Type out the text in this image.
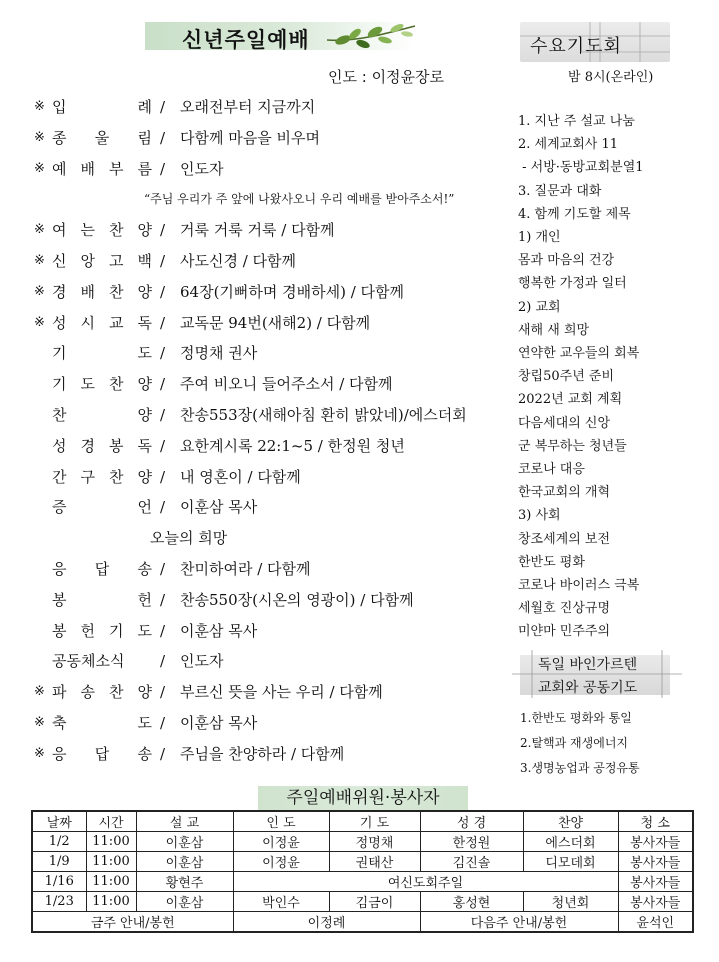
신년주일예배
인도 : 이정윤장로
수요기도회
밤 8시(온라인)
※ 입	례 / 오래전부터 지금까지
※ 종 울 림 / 다함께 마음을 비우며
※ 예 배 부 름 / 인도자
“주님 우리가 주 앞에 나왔사오니 우리 예배를 받아주소서!”
※ 여 는 찬 양 / 거룩 거룩 거룩 / 다함께
※ 신 앙 고 백 / 사도신경 / 다함께
※ 경 배 찬 양 / 64장(기뻐하며 경배하세) / 다함께
※ 성 시 교 독 / 교독문 94번(새해2) / 다함께
기	도 / 정명채 권사
기 도 찬 양 / 주여 비오니 들어주소서 / 다함께
찬	양 / 찬송553장(새해아침 환히 밝았네)/에스더회
성 경 봉 독 / 요한계시록 22:1~5 / 한정원 청년
간 구 찬 양 / 내 영혼이 / 다함께
증	언 / 이훈삼 목사
오늘의 희망
응 답 송 / 찬미하여라 / 다함께
봉	헌 / 찬송550장(시온의 영광이) / 다함께
봉 헌 기 도 / 이훈삼 목사
공동체소식	/ 인도자
※ 파 송 찬 양 / 부르신 뜻을 사는 우리 / 다함께
※ 축	도 / 이훈삼 목사
※ 응 답 송 / 주님을 찬양하라 / 다함께
1. 지난 주 설교 나눔
2. 세계교회사 11
- 서방·동방교회분열1
3. 질문과 대화
4. 함께 기도할 제목
1) 개인
몸과 마음의 건강
행복한 가정과 일터
2) 교회
새해 새 희망
연약한 교우들의 회복
창립50주년 준비
2022년 교회 계획
다음세대의 신앙
군 복무하는 청년들
코로나 대응
한국교회의 개혁
3) 사회
창조세계의 보전
한반도 평화
코로나 바이러스 극복
세월호 진상규명
미얀마 민주주의
독일 바인가르텐
교회와 공동기도
1.한반도 평화와 통일
2.탈핵과 재생에너지
3.생명농업과 공정유통
주일예배위원·봉사자
날짜	시간	설 교	인 도	기 도	성 경	찬양	청 소
1/2	11:00	이훈삼	이정윤	정명채	한정원	에스더회	봉사자들
1/9	11:00	이훈삼	이정윤	권태산	김진솔	디모데회	봉사자들
1/16	11:00	황현주	여신도회주일				봉사자들
1/23	11:00	이훈삼	박인수	김금이	홍성현	청년회	봉사자들
금주 안내/봉헌			이정례		다음주 안내/봉헌		윤석인
